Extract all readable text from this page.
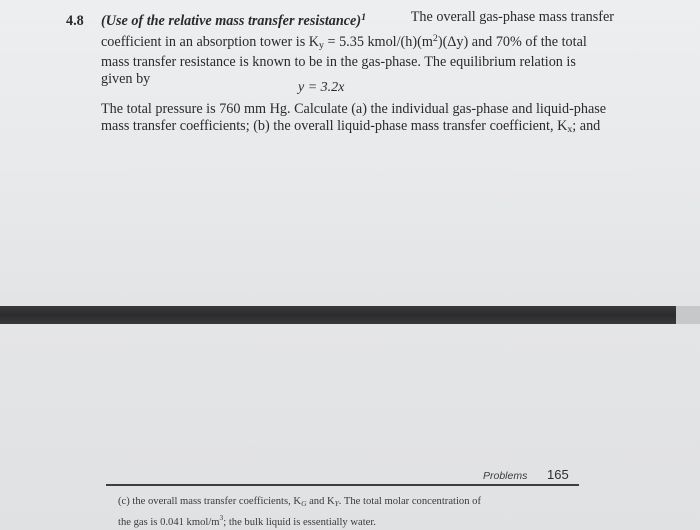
4.8 (Use of the relative mass transfer resistance)$^1$	The overall gas-phase mass transfer
coefficient in an absorption tower is $K_y = 5.35$ kmol/$(h)(m^2)(\Delta y)$ and 70% of the total
mass transfer resistance is known to be in the gas-phase. The equilibrium relation is
given by
y = 3.2x
The total pressure is 760 mm Hg. Calculate (a) the individual gas-phase and liquid-phase
mass transfer coefficients; (b) the overall liquid-phase mass transfer coefficient, $K_x$; and
Problems 165
(c) the overall mass transfer coefficients, $K_G$ and $K_Y$. The total molar concentration of
the gas is 0.041 kmol/$m^3$; the bulk liquid is essentially water.
